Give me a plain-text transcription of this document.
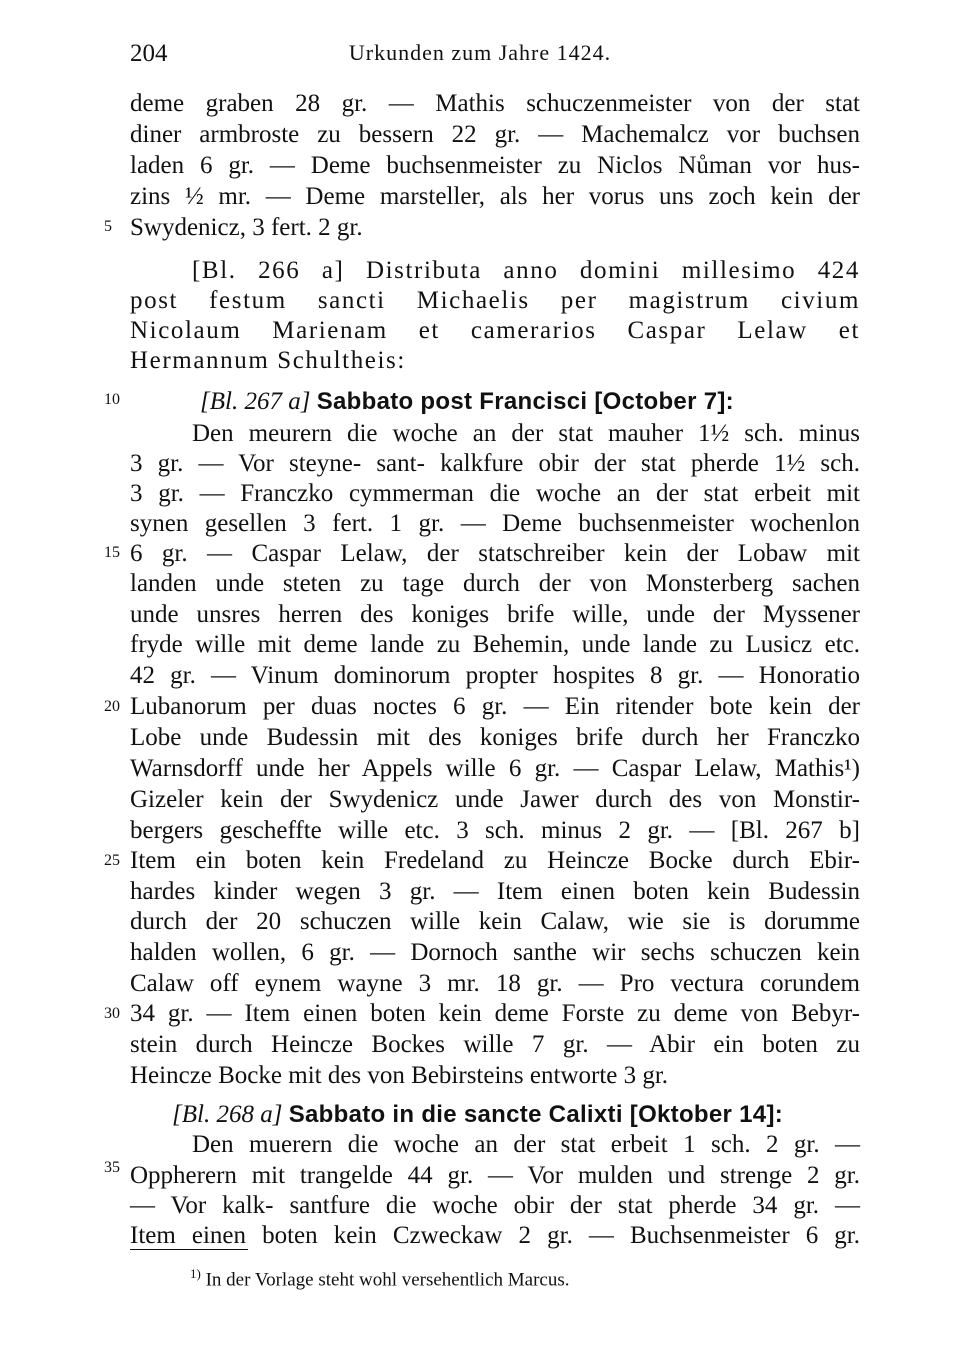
204	Urkunden zum Jahre 1424.
5
10
15
20
25
30
35
deme graben 28 gr. — Mathis schuczenmeister von der stat
diner armbroste zu bessern 22 gr. — Machemalcz vor buchsen
laden 6 gr. — Deme buchsenmeister zu Niclos Nůman vor hus-
zins ½ mr. — Deme marsteller, als her vorus uns zoch kein der
Swydenicz, 3 fert. 2 gr.
[Bl. 266 a] Distributa anno domini millesimo 424
post festum sancti Michaelis per magistrum civium
Nicolaum Marienam et camerarios Caspar Lelaw et
Hermannum Schultheis:
[Bl. 267 a] Sabbato post Francisci [October 7]:
Den meurern die woche an der stat mauher 1½ sch. minus
3 gr. — Vor steyne- sant- kalkfure obir der stat pherde 1½ sch.
3 gr. — Franczko cymmerman die woche an der stat erbeit mit
synen gesellen 3 fert. 1 gr. — Deme buchsenmeister wochenlon
6 gr. — Caspar Lelaw, der statschreiber kein der Lobaw mit
landen unde steten zu tage durch der von Monsterberg sachen
unde unsres herren des koniges brife wille, unde der Myssener
fryde wille mit deme lande zu Behemin, unde lande zu Lusicz etc.
42 gr. — Vinum dominorum propter hospites 8 gr. — Honoratio
Lubanorum per duas noctes 6 gr. — Ein ritender bote kein der
Lobe unde Budessin mit des koniges brife durch her Franczko
Warnsdorff unde her Appels wille 6 gr. — Caspar Lelaw, Mathis¹)
Gizeler kein der Swydenicz unde Jawer durch des von Monstir-
bergers gescheffte wille etc. 3 sch. minus 2 gr. — [Bl. 267 b]
Item ein boten kein Fredeland zu Heincze Bocke durch Ebir-
hardes kinder wegen 3 gr. — Item einen boten kein Budessin
durch der 20 schuczen wille kein Calaw, wie sie is dorumme
halden wollen, 6 gr. — Dornoch santhe wir sechs schuczen kein
Calaw off eynem wayne 3 mr. 18 gr. — Pro vectura corundem
34 gr. — Item einen boten kein deme Forste zu deme von Bebyr-
stein durch Heincze Bockes wille 7 gr. — Abir ein boten zu
Heincze Bocke mit des von Bebirsteins entworte 3 gr.
[Bl. 268 a] Sabbato in die sancte Calixti [Oktober 14]:
Den muerern die woche an der stat erbeit 1 sch. 2 gr. —
Oppherern mit trangelde 44 gr. — Vor mulden und strenge 2 gr.
— Vor kalk- santfure die woche obir der stat pherde 34 gr. —
Item einen boten kein Czweckaw 2 gr. — Buchsenmeister 6 gr.
$^{1)}$ In der Vorlage steht wohl versehentlich Marcus.
